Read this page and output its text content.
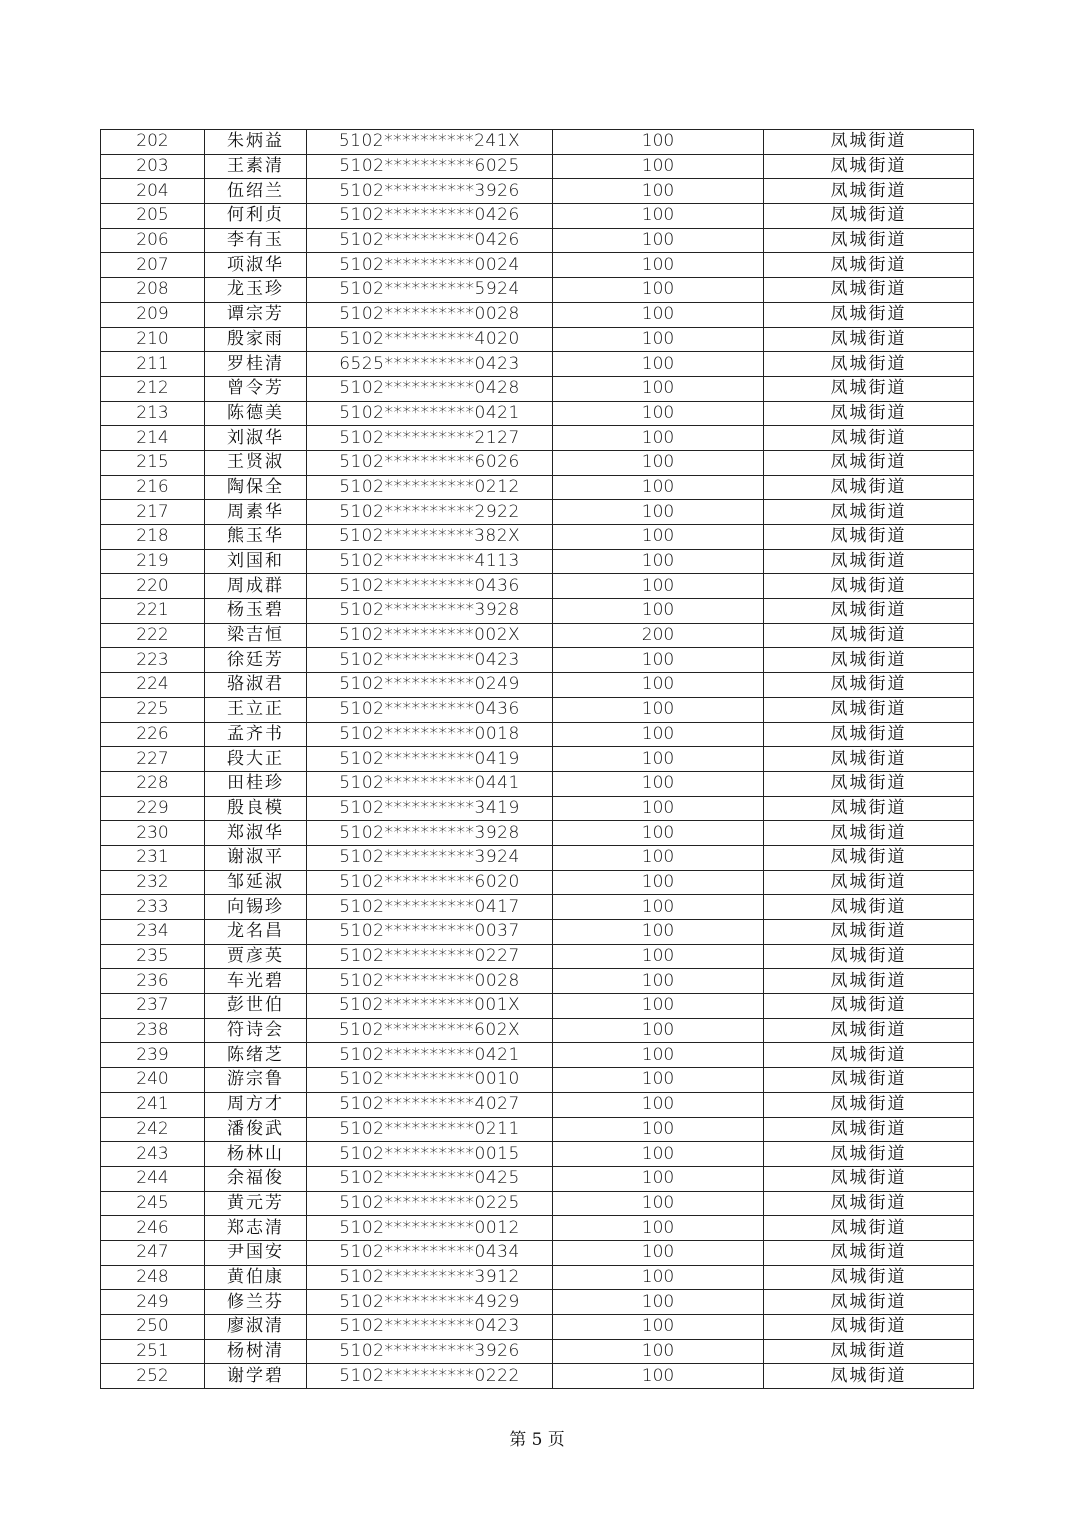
202	朱炳益	5102**********241X	100	凤城街道
203	王素清	5102**********6025	100	凤城街道
204	伍绍兰	5102**********3926	100	凤城街道
205	何利贞	5102**********0426	100	凤城街道
206	李有玉	5102**********0426	100	凤城街道
207	项淑华	5102**********0024	100	凤城街道
208	龙玉珍	5102**********5924	100	凤城街道
209	谭宗芳	5102**********0028	100	凤城街道
210	殷家雨	5102**********4020	100	凤城街道
211	罗桂清	6525**********0423	100	凤城街道
212	曾令芳	5102**********0428	100	凤城街道
213	陈德美	5102**********0421	100	凤城街道
214	刘淑华	5102**********2127	100	凤城街道
215	王贤淑	5102**********6026	100	凤城街道
216	陶保全	5102**********0212	100	凤城街道
217	周素华	5102**********2922	100	凤城街道
218	熊玉华	5102**********382X	100	凤城街道
219	刘国和	5102**********4113	100	凤城街道
220	周成群	5102**********0436	100	凤城街道
221	杨玉碧	5102**********3928	100	凤城街道
222	梁吉恒	5102**********002X	200	凤城街道
223	徐廷芳	5102**********0423	100	凤城街道
224	骆淑君	5102**********0249	100	凤城街道
225	王立正	5102**********0436	100	凤城街道
226	孟齐书	5102**********0018	100	凤城街道
227	段大正	5102**********0419	100	凤城街道
228	田桂珍	5102**********0441	100	凤城街道
229	殷良模	5102**********3419	100	凤城街道
230	郑淑华	5102**********3928	100	凤城街道
231	谢淑平	5102**********3924	100	凤城街道
232	邹延淑	5102**********6020	100	凤城街道
233	向锡珍	5102**********0417	100	凤城街道
234	龙名昌	5102**********0037	100	凤城街道
235	贾彦英	5102**********0227	100	凤城街道
236	车光碧	5102**********0028	100	凤城街道
237	彭世伯	5102**********001X	100	凤城街道
238	符诗会	5102**********602X	100	凤城街道
239	陈绪芝	5102**********0421	100	凤城街道
240	游宗鲁	5102**********0010	100	凤城街道
241	周方才	5102**********4027	100	凤城街道
242	潘俊武	5102**********0211	100	凤城街道
243	杨林山	5102**********0015	100	凤城街道
244	余福俊	5102**********0425	100	凤城街道
245	黄元芳	5102**********0225	100	凤城街道
246	郑志清	5102**********0012	100	凤城街道
247	尹国安	5102**********0434	100	凤城街道
248	黄伯康	5102**********3912	100	凤城街道
249	修兰芬	5102**********4929	100	凤城街道
250	廖淑清	5102**********0423	100	凤城街道
251	杨树清	5102**********3926	100	凤城街道
252	谢学碧	5102**********0222	100	凤城街道
第 5 页
